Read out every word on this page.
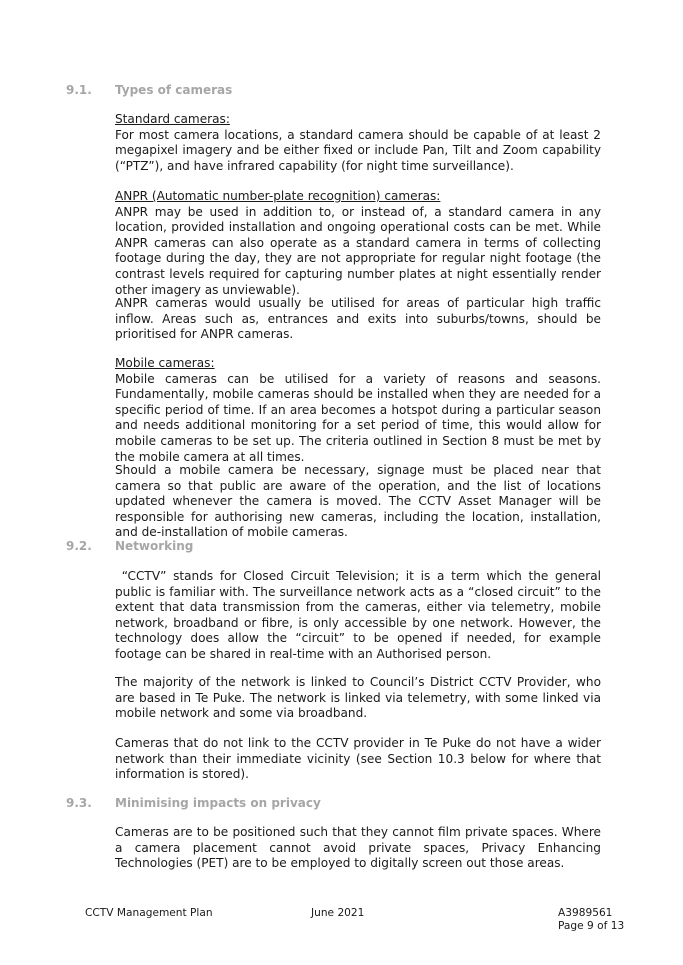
9.1. Types of cameras
Standard cameras:
For most camera locations, a standard camera should be capable of at least 2 megapixel imagery and be either fixed or include Pan, Tilt and Zoom capability (“PTZ”), and have infrared capability (for night time surveillance).
ANPR (Automatic number-plate recognition) cameras:
ANPR may be used in addition to, or instead of, a standard camera in any location, provided installation and ongoing operational costs can be met. While ANPR cameras can also operate as a standard camera in terms of collecting footage during the day, they are not appropriate for regular night footage (the contrast levels required for capturing number plates at night essentially render other imagery as unviewable).

ANPR cameras would usually be utilised for areas of particular high traffic inflow. Areas such as, entrances and exits into suburbs/towns, should be prioritised for ANPR cameras.

Mobile cameras:
Mobile cameras can be utilised for a variety of reasons and seasons. Fundamentally, mobile cameras should be installed when they are needed for a specific period of time. If an area becomes a hotspot during a particular season and needs additional monitoring for a set period of time, this would allow for mobile cameras to be set up. The criteria outlined in Section 8 must be met by the mobile camera at all times.

Should a mobile camera be necessary, signage must be placed near that camera so that public are aware of the operation, and the list of locations updated whenever the camera is moved. The CCTV Asset Manager will be responsible for authorising new cameras, including the location, installation, and de-installation of mobile cameras.

9.2. Networking

“CCTV” stands for Closed Circuit Television; it is a term which the general public is familiar with. The surveillance network acts as a “closed circuit” to the extent that data transmission from the cameras, either via telemetry, mobile network, broadband or fibre, is only accessible by one network. However, the technology does allow the “circuit” to be opened if needed, for example footage can be shared in real-time with an Authorised person.

The majority of the network is linked to Council’s District CCTV Provider, who are based in Te Puke. The network is linked via telemetry, with some linked via mobile network and some via broadband.

Cameras that do not link to the CCTV provider in Te Puke do not have a wider network than their immediate vicinity (see Section 10.3 below for where that information is stored).

9.3. Minimising impacts on privacy

Cameras are to be positioned such that they cannot film private spaces. Where a camera placement cannot avoid private spaces, Privacy Enhancing Technologies (PET) are to be employed to digitally screen out those areas.

CCTV Management Plan	June 2021	A3989561
Page 9 of 13
